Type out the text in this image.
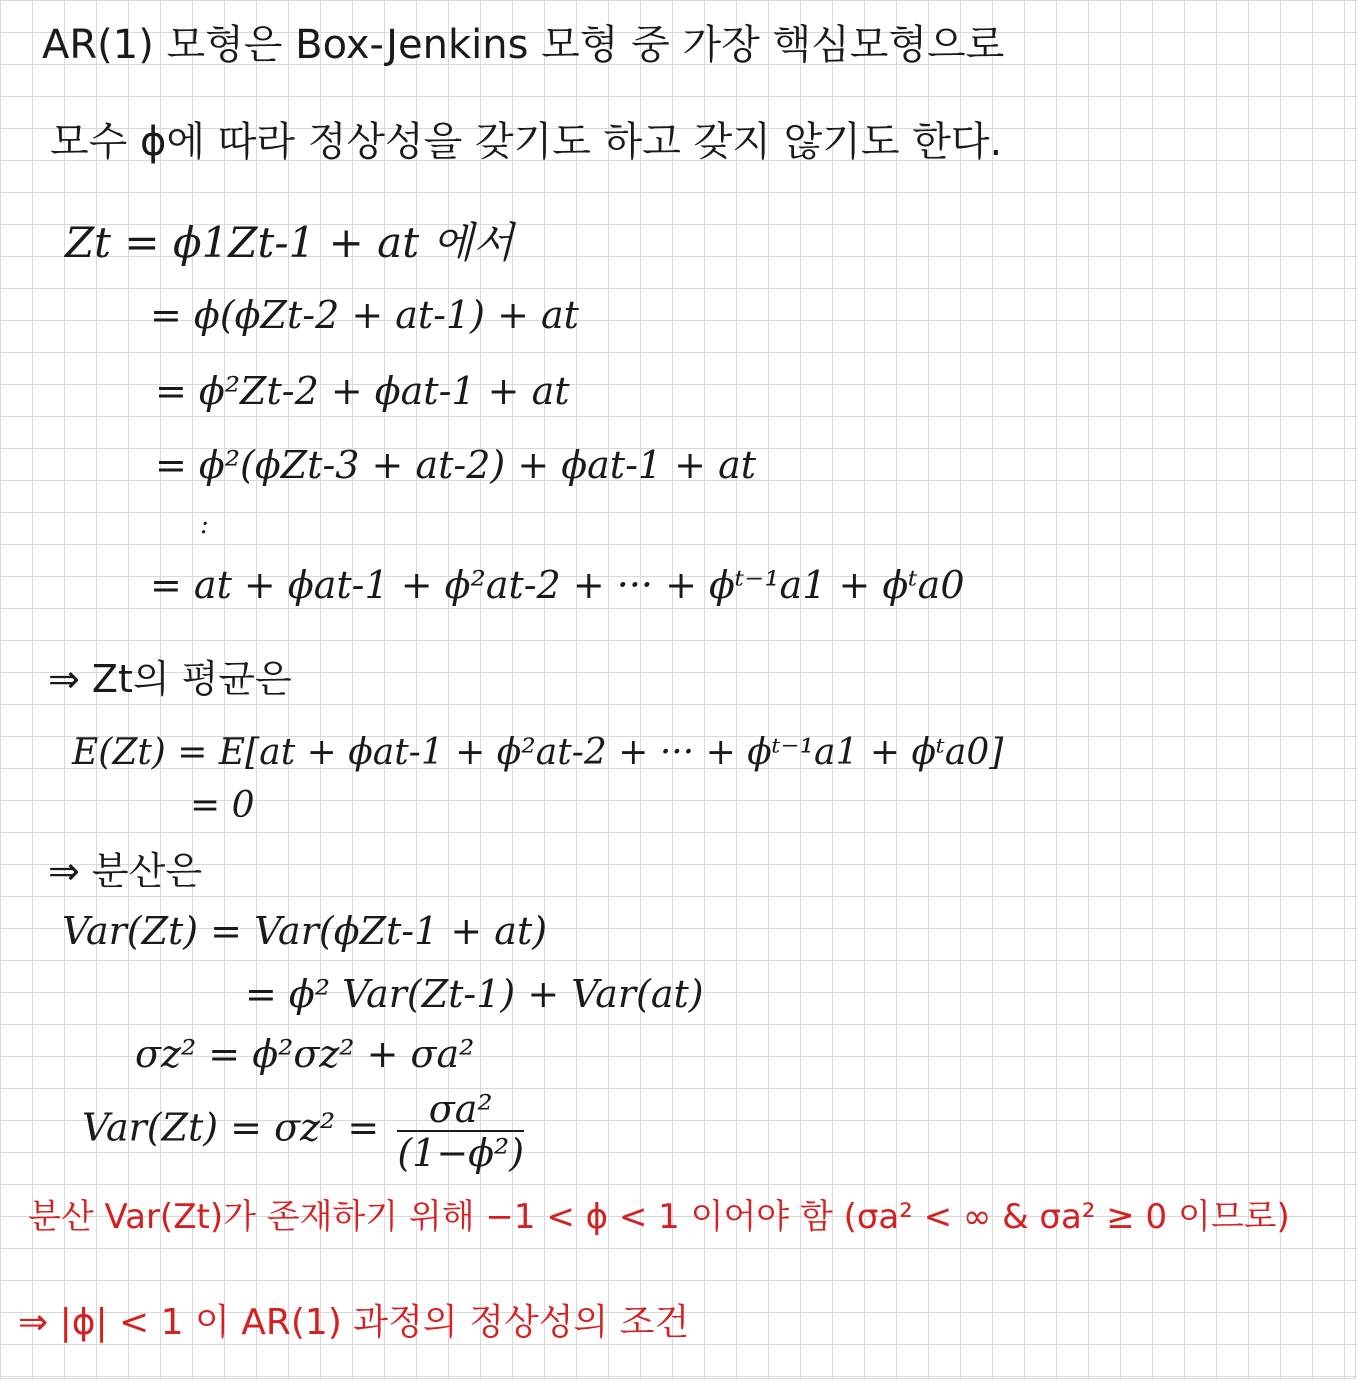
AR(1) 모형은 Box-Jenkins 모형 중 가장 핵심모형으로
모수 ϕ에 따라 정상성을 갖기도 하고 갖지 않기도 한다.
Zt = ϕ1Zt-1 + at 에서
= ϕ(ϕZt-2 + at-1) + at
= ϕ²Zt-2 + ϕat-1 + at
= ϕ²(ϕZt-3 + at-2) + ϕat-1 + at
:
= at + ϕat-1 + ϕ²at-2 + ··· + ϕᵗ⁻¹a1 + ϕᵗa0
⇒ Zt의 평균은
E(Zt) = E[at + ϕat-1 + ϕ²at-2 + ··· + ϕᵗ⁻¹a1 + ϕᵗa0]
= 0
⇒ 분산은
Var(Zt) = Var(ϕZt-1 + at)
= ϕ² Var(Zt-1) + Var(at)
σz² = ϕ²σz² + σa²
$Var(Zt) = \sigma z^2 = \frac{\text{σa²}}{\text{(1−ϕ²)}}$
분산 Var(Zt)가 존재하기 위해 −1 < ϕ < 1 이어야 함 (σa² < ∞ & σa² ≥ 0 이므로)
⇒ |ϕ| < 1 이 AR(1) 과정의 정상성의 조건
